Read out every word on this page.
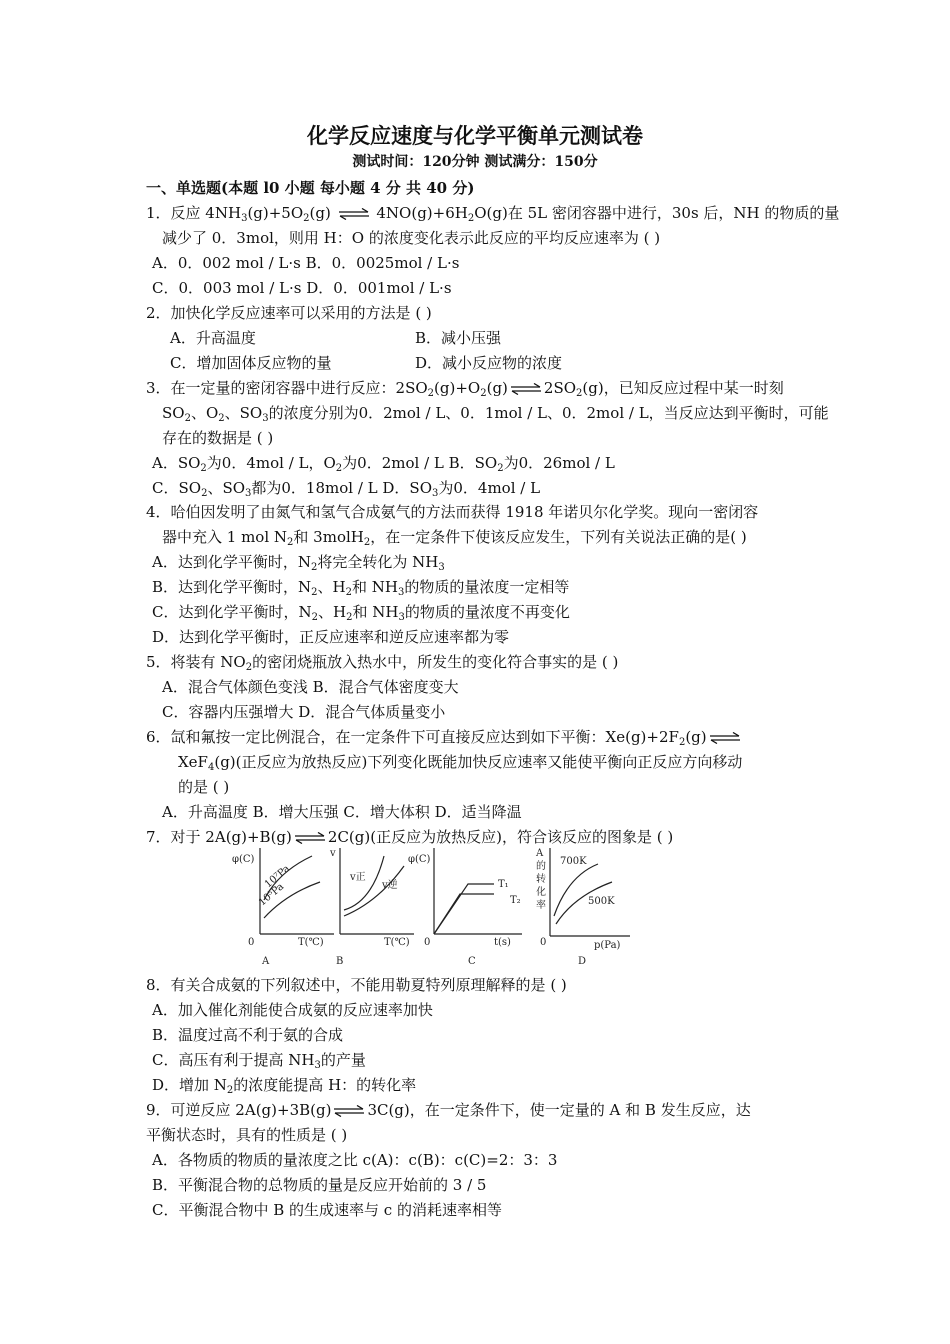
化学反应速度与化学平衡单元测试卷
测试时间：120分钟 测试满分：150分
一、单选题(本题 l0 小题 每小题 4 分 共 40 分)
1．反应 $4NH_3(g)+5O_2(g)$ ⇌ $4NO(g)+6H_2O(g)$在 5L 密闭容器中进行，30s 后，NH 的物质的量
减少了 0．3mol，则用 H：O 的浓度变化表示此反应的平均反应速率为 ( )
A．0．002 mol / L·s B．0．0025mol / L·s
C．0．003 mol / L·s D．0．001mol / L·s
2．加快化学反应速率可以采用的方法是 ( )
A．升高温度	B．减小压强
C．增加固体反应物的量	D．减小反应物的浓度
3．在一定量的密闭容器中进行反应：$2SO_2(g)+O_2(g)$ ⇌ $2SO_2(g)$，已知反应过程中某一时刻
$SO_2$、$O_2$、$SO_3$的浓度分别为0．2mol / L、0．1mol / L、0．2mol / L，当反应达到平衡时，可能
存在的数据是 ( )
A．$SO_2$为0．4mol / L，$O_2$为0．2mol / L B．$SO_2$为0．26mol / L
C．$SO_2$、$SO_3$都为0．18mol / L D．$SO_3$为0．4mol / L
4．哈伯因发明了由氮气和氢气合成氨气的方法而获得 1918 年诺贝尔化学奖。现向一密闭容
器中充入 1 mol $N_2$和 3molH$_2$，在一定条件下使该反应发生，下列有关说法正确的是( )
A．达到化学平衡时，$N_2$将完全转化为 $NH_3$
B．达到化学平衡时，$N_2$、$H_2$和 $NH_3$的物质的量浓度一定相等
C．达到化学平衡时，$N_2$、$H_2$和 $NH_3$的物质的量浓度不再变化
D．达到化学平衡时，正反应速率和逆反应速率都为零
5．将装有 $NO_2$的密闭烧瓶放入热水中，所发生的变化符合事实的是 ( )
A．混合气体颜色变浅 B．混合气体密度变大
C．容器内压强增大 D．混合气体质量变小
6．氙和氟按一定比例混合，在一定条件下可直接反应达到如下平衡：$Xe(g)+2F_2(g)$ ⇌
XeF$_4$(g)(正反应为放热反应)下列变化既能加快反应速率又能使平衡向正反应方向移动
的是 ( )
A．升高温度 B．增大压强 C．增大体积 D．适当降温
7．对于 2A(g)+B(g) ⇌ 2C(g)(正反应为放热反应)，符合该反应的图象是 ( )
φ(C)
10⁷Pa
10⁵Pa
0	T(℃)
A
v
v正
v逆
T(℃)
B
φ(C)
T₁
T₂
0	t(s)
C
A
的
转
化
率
700K
500K
0	p(Pa)
D
8．有关合成氨的下列叙述中，不能用勒夏特列原理解释的是 ( )
A．加入催化剂能使合成氨的反应速率加快
B．温度过高不利于氨的合成
C．高压有利于提高 $NH_3$的产量
D．增加 $N_2$的浓度能提高 H：的转化率
9．可逆反应 2A(g)+3B(g) ⇌ 3C(g)，在一定条件下，使一定量的 A 和 B 发生反应，达
平衡状态时，具有的性质是 ( )
A．各物质的物质的量浓度之比 c(A)：c(B)：c(C)=2：3：3
B．平衡混合物的总物质的量是反应开始前的 3 / 5
C．平衡混合物中 B 的生成速率与 c 的消耗速率相等
